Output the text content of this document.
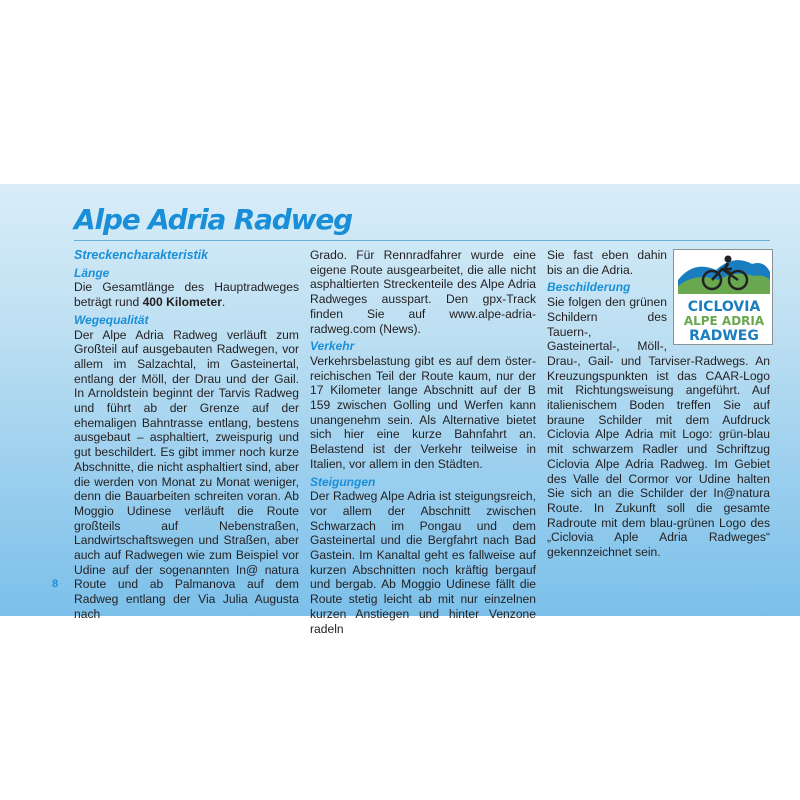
Alpe Adria Radweg
Streckencharakteristik
Länge

Die Gesamtlänge des Hauptradweges beträgt rund 400 Kilometer.

Wegequalität

Der Alpe Adria Radweg verläuft zum Großteil auf ausgebauten Radwegen, vor allem im Salzachtal, im Gasteinertal, entlang der Möll, der Drau und der Gail. In Arnoldstein beginnt der Tarvis Radweg und führt ab der Grenze auf der ehemaligen Bahntrasse entlang, bestens ausgebaut – asphaltiert, zweispurig und gut beschildert. Es gibt immer noch kurze Abschnitte, die nicht asphaltiert sind, aber die werden von Monat zu Monat weniger, denn die Bauarbeiten schreiten voran. Ab Moggio Udinese verläuft die Route großteils auf Nebenstraßen, Landwirtschaftswegen und Straßen, aber auch auf Radwegen wie zum Beispiel vor Udine auf der sogenannten In@ natura Route und ab Palmanova auf dem Radweg entlang der Via Julia Augusta nach

Grado. Für Rennradfahrer wurde eine eigene Route ausgearbeitet, die alle nicht asphaltierten Streckenteile des Alpe Adria Radweges ausspart. Den gpx-Track finden Sie auf www.alpe-adria-radweg.com (News).

Verkehr

Verkehrsbelastung gibt es auf dem österreichischen Teil der Route kaum, nur der 17 Kilometer lange Abschnitt auf der B 159 zwischen Golling und Werfen kann unangenehm sein. Als Alternative bietet sich hier eine kurze Bahnfahrt an. Belastend ist der Verkehr teilweise in Italien, vor allem in den Städten.

Steigungen

Der Radweg Alpe Adria ist steigungsreich, vor allem der Abschnitt zwischen Schwarzach im Pongau und dem Gasteinertal und die Bergfahrt nach Bad Gastein. Im Kanaltal geht es fallweise auf kurzen Abschnitten noch kräftig bergauf und bergab. Ab Moggio Udinese fällt die Route stetig leicht ab mit nur einzelnen kurzen Anstiegen und hinter Venzone radeln

CICLOVIA
ALPE ADRIA
RADWEG

Sie fast eben dahin bis an die Adria.

Beschilderung

Sie folgen den grünen Schildern des Tauern-, Gasteinertal-, Möll-, Drau-, Gail- und Tarviser-Radwegs. An Kreuzungspunkten ist das CAAR-Logo mit Richtungsweisung angeführt. Auf italienischem Boden treffen Sie auf braune Schilder mit dem Aufdruck Ciclovia Alpe Adria mit Logo: grün-blau mit schwarzem Radler und Schriftzug Ciclovia Alpe Adria Radweg. Im Gebiet des Valle del Cormor vor Udine halten Sie sich an die Schilder der In@natura Route. In Zukunft soll die gesamte Radroute mit dem blau-grünen Logo des „Ciclovia Aple Adria Radweges“ gekennzeichnet sein.

8
